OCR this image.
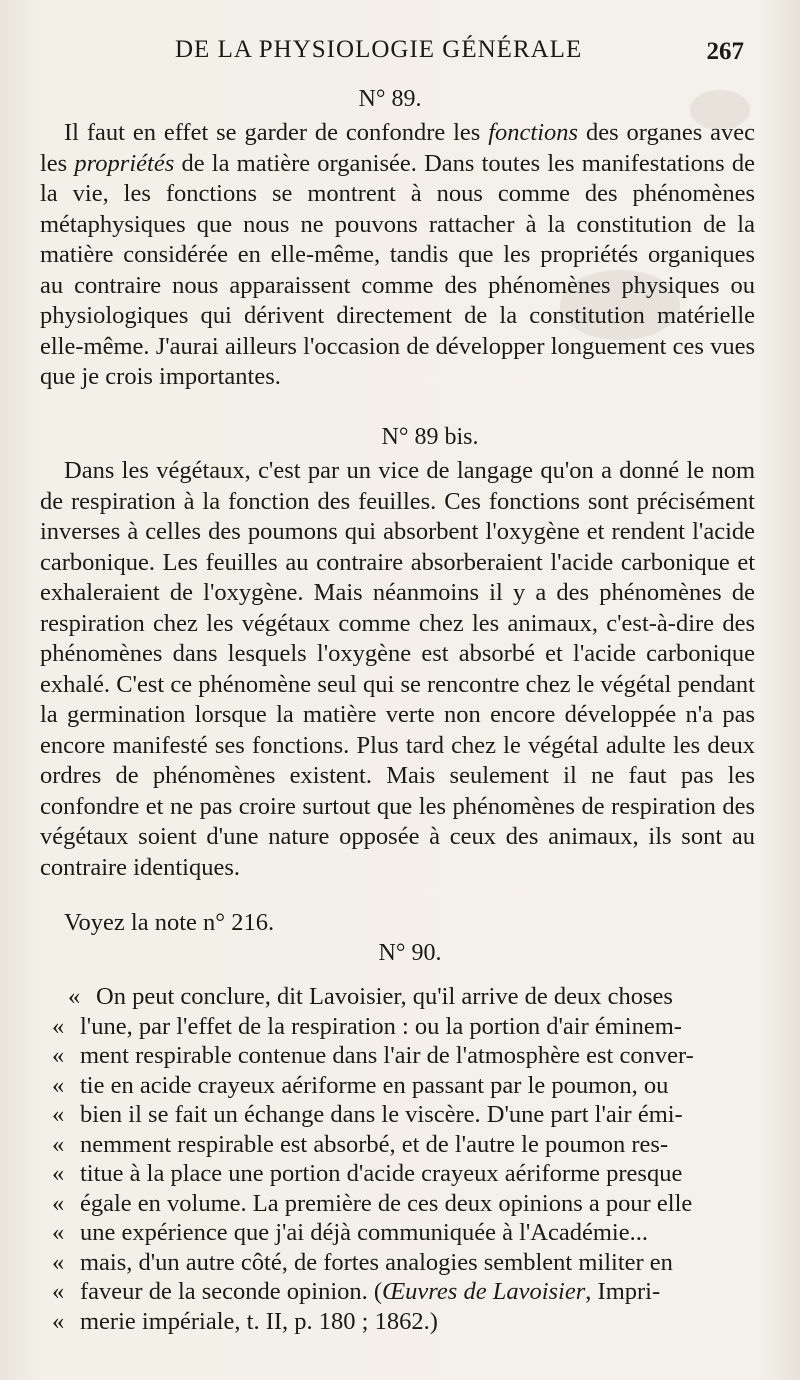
DE LA PHYSIOLOGIE GÉNÉRALE	267
N° 89.

Il faut en effet se garder de confondre les fonctions des organes avec les propriétés de la matière organisée. Dans toutes les manifestations de la vie, les fonctions se montrent à nous comme des phénomènes métaphysiques que nous ne pouvons rattacher à la constitution de la matière considérée en elle-même, tandis que les propriétés organiques au contraire nous apparaissent comme des phénomènes physiques ou physiologiques qui dérivent directement de la constitution matérielle elle-même. J'aurai ailleurs l'occasion de développer longuement ces vues que je crois importantes.

N° 89 bis.

Dans les végétaux, c'est par un vice de langage qu'on a donné le nom de respiration à la fonction des feuilles. Ces fonctions sont précisément inverses à celles des poumons qui absorbent l'oxygène et rendent l'acide carbonique. Les feuilles au contraire absorberaient l'acide carbonique et exhaleraient de l'oxygène. Mais néanmoins il y a des phénomènes de respiration chez les végétaux comme chez les animaux, c'est-à-dire des phénomènes dans lesquels l'oxygène est absorbé et l'acide carbonique exhalé. C'est ce phénomène seul qui se rencontre chez le végétal pendant la germination lorsque la matière verte non encore développée n'a pas encore manifesté ses fonctions. Plus tard chez le végétal adulte les deux ordres de phénomènes existent. Mais seulement il ne faut pas les confondre et ne pas croire surtout que les phénomènes de respiration des végétaux soient d'une nature opposée à ceux des animaux, ils sont au contraire identiques.

Voyez la note n° 216.

N° 90.
« On peut conclure, dit Lavoisier, qu'il arrive de deux choses
« l'une, par l'effet de la respiration : ou la portion d'air éminem-
« ment respirable contenue dans l'air de l'atmosphère est conver-
« tie en acide crayeux aériforme en passant par le poumon, ou
« bien il se fait un échange dans le viscère. D'une part l'air émi-
« nemment respirable est absorbé, et de l'autre le poumon res-
« titue à la place une portion d'acide crayeux aériforme presque
« égale en volume. La première de ces deux opinions a pour elle
« une expérience que j'ai déjà communiquée à l'Académie...
« mais, d'un autre côté, de fortes analogies semblent militer en
« faveur de la seconde opinion. (Œuvres de Lavoisier, Impri-
« merie impériale, t. II, p. 180 ; 1862.)
